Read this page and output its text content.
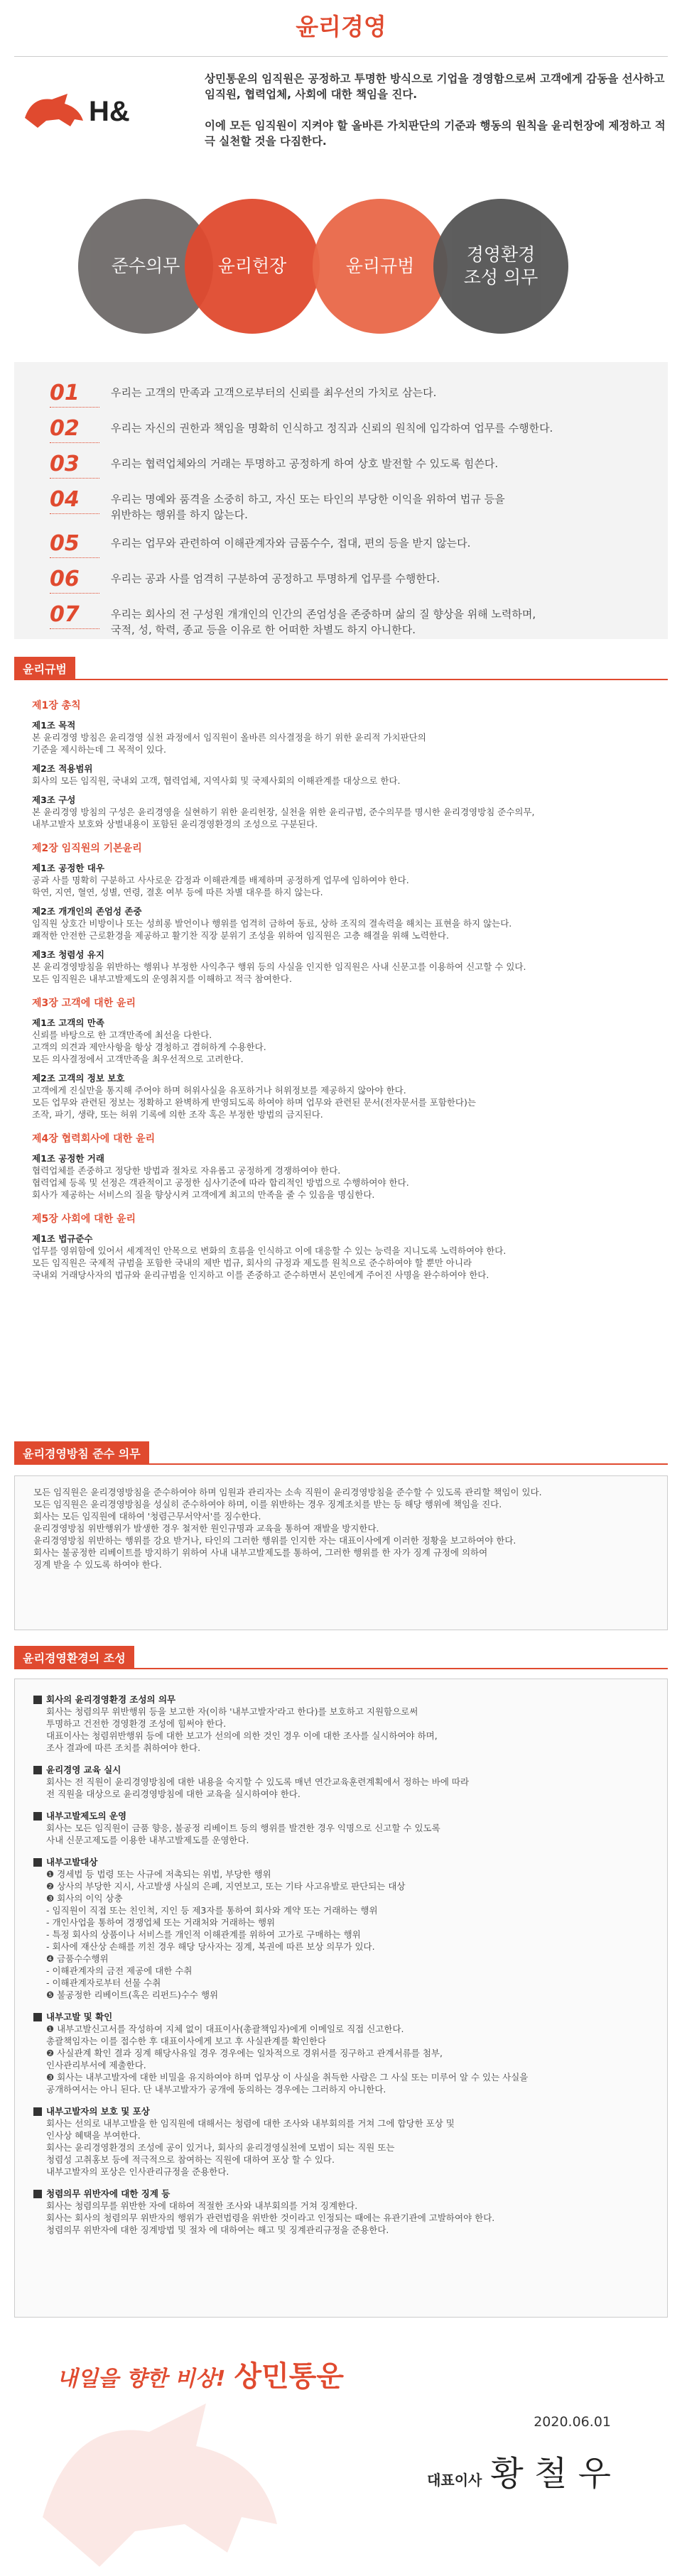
윤리경영
H&

상민통운의 임직원은 공정하고 투명한 방식으로 기업을 경영함으로써 고객에게 감동을 선사하고 임직원, 협력업체, 사회에 대한 책임을 진다.

이에 모든 임직원이 지켜야 할 올바른 가치판단의 기준과 행동의 원칙을 윤리헌장에 제정하고 적극 실천할 것을 다짐한다.

준수의무 윤리헌장	윤리규범
경영환경
조성 의무
01	우리는 고객의 만족과 고객으로부터의 신뢰를 최우선의 가치로 삼는다.
02	우리는 자신의 권한과 책임을 명확히 인식하고 정직과 신뢰의 원칙에 입각하여 업무를 수행한다.
03	우리는 협력업체와의 거래는 투명하고 공정하게 하여 상호 발전할 수 있도록 힘쓴다.
04	우리는 명예와 품격을 소중히 하고, 자신 또는 타인의 부당한 이익을 위하여 법규 등을
위반하는 행위를 하지 않는다.
05	우리는 업무와 관련하여 이해관계자와 금품수수, 접대, 편의 등을 받지 않는다.
06	우리는 공과 사를 엄격히 구분하여 공정하고 투명하게 업무를 수행한다.
07	우리는 회사의 전 구성원 개개인의 인간의 존엄성을 존중하며 삶의 질 향상을 위해 노력하며,
국적, 성, 학력, 종교 등을 이유로 한 어떠한 차별도 하지 아니한다.
윤리규범
제1장 총칙
제1조 목적
본 윤리경영 방침은 윤리경영 실천 과정에서 임직원이 올바른 의사결정을 하기 위한 윤리적 가치판단의
기준을 제시하는데 그 목적이 있다.
제2조 적용범위
회사의 모든 임직원, 국내외 고객, 협력업체, 지역사회 및 국제사회의 이해관계를 대상으로 한다.
제3조 구성
본 윤리경영 방침의 구성은 윤리경영을 실현하기 위한 윤리헌장, 실천을 위한 윤리규범, 준수의무를 명시한 윤리경영방침 준수의무,
내부고발자 보호와 상벌내용이 포함된 윤리경영환경의 조성으로 구분된다.
제2장 임직원의 기본윤리
제1조 공정한 대우
공과 사를 명확히 구분하고 사사로운 감정과 이해관계를 배제하며 공정하게 업무에 임하여야 한다.
학연, 지연, 혈연, 성별, 연령, 결혼 여부 등에 따른 차별 대우를 하지 않는다.
제2조 개개인의 존엄성 존중
임직원 상호간 비방이나 또는 성희롱 발언이나 행위를 엄격히 금하여 동료, 상하 조직의 결속력을 해치는 표현을 하지 않는다.
쾌적한 안전한 근로환경을 제공하고 활기찬 직장 분위기 조성을 위하여 임직원은 고층 해결을 위해 노력한다.
제3조 청렴성 유지
본 윤리경영방침을 위반하는 행위나 부정한 사익추구 행위 등의 사실을 인지한 임직원은 사내 신문고를 이용하여 신고할 수 있다.
모든 임직원은 내부고발제도의 운영취지를 이해하고 적극 참여한다.
제3장 고객에 대한 윤리
제1조 고객의 만족
신뢰를 바탕으로 한 고객만족에 최선을 다한다.
고객의 의견과 제안사항을 항상 경청하고 겸허하게 수용한다.
모든 의사결정에서 고객만족을 최우선적으로 고려한다.
제2조 고객의 정보 보호
고객에게 진실만을 통지해 주어야 하며 허위사실을 유포하거나 허위정보를 제공하지 않아야 한다.
모든 업무와 관련된 정보는 정확하고 완벽하게 반영되도록 하여야 하며 업무와 관련된 문서(전자문서를 포함한다)는
조작, 파기, 생략, 또는 허위 기록에 의한 조작 혹은 부정한 방법의 금지된다.
제4장 협력회사에 대한 윤리
제1조 공정한 거래
협력업체를 존중하고 정당한 방법과 절차로 자유롭고 공정하게 경쟁하여야 한다.
협력업체 등록 및 선정은 객관적이고 공정한 심사기준에 따라 합리적인 방법으로 수행하여야 한다.
회사가 제공하는 서비스의 질을 향상시켜 고객에게 최고의 만족을 줄 수 있음을 명심한다.
제5장 사회에 대한 윤리
제1조 법규준수
업무를 영위함에 있어서 세계적인 안목으로 변화의 흐름을 인식하고 이에 대응할 수 있는 능력을 지니도록 노력하여야 한다.
모든 임직원은 국제적 규범을 포함한 국내의 제반 법규, 회사의 규정과 제도를 원칙으로 준수하여야 할 뿐만 아니라
국내외 거래당사자의 법규와 윤리규범을 인지하고 이를 존중하고 준수하면서 본인에게 주어진 사명을 완수하여야 한다.
윤리경영방침 준수 의무
모든 임직원은 윤리경영방침을 준수하여야 하며 임원과 관리자는 소속 직원이 윤리경영방침을 준수할 수 있도록 관리할 책임이 있다.
모든 임직원은 윤리경영방침을 성실히 준수하여야 하며, 이를 위반하는 경우 징계조치를 받는 등 해당 행위에 책임을 진다.
회사는 모든 임직원에 대하여 '청렴근무서약서'를 징수한다.
윤리경영방침 위반행위가 발생한 경우 철저한 원인규명과 교육을 통하여 재발을 방지한다.
윤리경영방침 위반하는 행위를 강요 받거나, 타인의 그러한 행위를 인지한 자는 대표이사에게 이러한 정황을 보고하여야 한다.
회사는 불공정한 리베이트를 방지하기 위하여 사내 내부고발제도를 통하여, 그러한 행위를 한 자가 징계 규정에 의하여
징계 받을 수 있도록 하여야 한다.
윤리경영환경의 조성
회사의 윤리경영환경 조성의 의무
회사는 청렴의무 위반행위 등을 보고한 자(이하 '내부고발자'라고 한다)를 보호하고 지원함으로써
투명하고 건전한 경영환경 조성에 힘써야 한다.
대표이사는 청렴위반행위 등에 대한 보고가 선의에 의한 것인 경우 이에 대한 조사를 실시하여야 하며,
조사 결과에 따른 조치를 취하여야 한다.
윤리경영 교육 실시
회사는 전 직원이 윤리경영방침에 대한 내용을 숙지할 수 있도록 매년 연간교육훈련계획에서 정하는 바에 따라
전 직원을 대상으로 윤리경영방침에 대한 교육을 실시하여야 한다.
내부고발제도의 운영
회사는 모든 임직원이 금품 향응, 불공정 리베이트 등의 행위를 발견한 경우 익명으로 신고할 수 있도록
사내 신문고제도를 이용한 내부고발제도를 운영한다.
내부고발대상
❶ 경세법 등 법령 또는 사규에 저촉되는 위법, 부당한 행위
❷ 상사의 부당한 지시, 사고발생 사실의 은폐, 지연보고, 또는 기타 사고유발로 판단되는 대상
❸ 회사의 이익 상충
- 임직원이 직접 또는 친인척, 지인 등 제3자를 통하여 회사와 계약 또는 거래하는 행위
- 개인사업을 통하여 경쟁업체 또는 거래처와 거래하는 행위
- 특정 회사의 상품이나 서비스를 개인적 이해관계를 위하여 고가로 구매하는 행위
- 회사에 재산상 손해를 끼친 경우 해당 당사자는 징계, 복권에 따른 보상 의무가 있다.
❹ 금품수수행위
- 이해관계자의 금전 제공에 대한 수취
- 이해관계자로부터 선물 수취
❺ 불공정한 리베이트(혹은 리펀드)수수 행위
내부고발 및 확인
❶ 내부고발신고서를 작성하여 지체 없이 대표이사(총괄책임자)에게 이메일로 직접 신고한다.
총괄책임자는 이를 접수한 후 대표이사에게 보고 후 사실관계를 확인한다
❷ 사실관계 확인 결과 징계 해당사유일 경우 경우에는 일차적으로 경위서를 징구하고 관계서류를 첨부,
인사관리부서에 제출한다.
❸ 회사는 내부고발자에 대한 비밀을 유지하여야 하며 업무상 이 사실을 취득한 사람은 그 사실 또는 미루어 알 수 있는 사실을
공개하여서는 아니 된다. 단 내부고발자가 공개에 동의하는 경우에는 그러하지 아니한다.
내부고발자의 보호 및 포상
회사는 선의로 내부고발을 한 임직원에 대해서는 청렴에 대한 조사와 내부회의를 거쳐 그에 합당한 포상 및
인사상 혜택을 부여한다.
회사는 윤리경영환경의 조성에 공이 있거나, 회사의 윤리경영실천에 모범이 되는 직원 또는
청렴성 고취홍보 등에 적극적으로 참여하는 직원에 대하여 포상 할 수 있다.
내부고발자의 포상은 인사관리규정을 준용한다.
청렴의무 위반자에 대한 징계 등
회사는 청렴의무를 위반한 자에 대하여 적절한 조사와 내부회의를 거쳐 징계한다.
회사는 회사의 청렴의무 위반자의 행위가 관련법령을 위반한 것이라고 인정되는 때에는 유관기관에 고발하여야 한다.
청렴의무 위반자에 대한 징계방법 및 절차 에 대하여는 해고 및 징계관리규정을 준용한다.
내일을 향한 비상! 상민통운
2020.06.01
대표이사 황 철 우
